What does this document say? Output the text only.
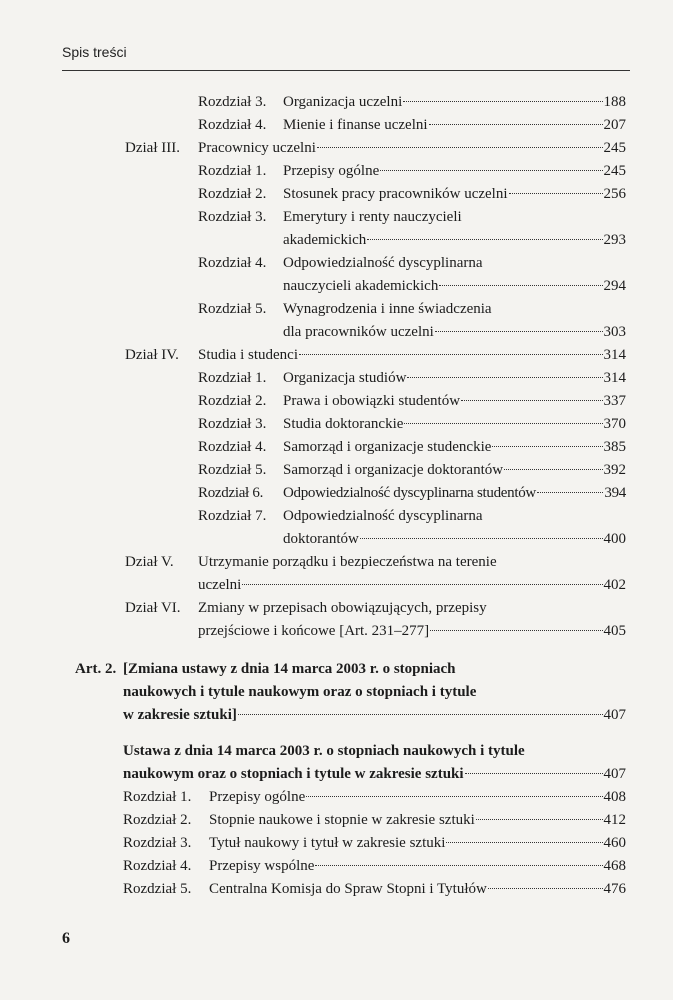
Spis treści
Rozdział 3. Organizacja uczelni	188
Rozdział 4. Mienie i finanse uczelni	207
Dział III. Pracownicy uczelni	245
Rozdział 1. Przepisy ogólne	245
Rozdział 2. Stosunek pracy pracowników uczelni	256
Rozdział 3. Emerytury i renty nauczycieli
akademickich	293
Rozdział 4. Odpowiedzialność dyscyplinarna
nauczycieli akademickich	294
Rozdział 5. Wynagrodzenia i inne świadczenia
dla pracowników uczelni	303
Dział IV. Studia i studenci	314
Rozdział 1. Organizacja studiów	314
Rozdział 2. Prawa i obowiązki studentów	337
Rozdział 3. Studia doktoranckie	370
Rozdział 4. Samorząd i organizacje studenckie	385
Rozdział 5. Samorząd i organizacje doktorantów	392
Rozdział 6. Odpowiedzialność dyscyplinarna studentów	394
Rozdział 7. Odpowiedzialność dyscyplinarna
doktorantów	400
Dział V. Utrzymanie porządku i bezpieczeństwa na terenie
uczelni	402
Dział VI. Zmiany w przepisach obowiązujących, przepisy
przejściowe i końcowe [Art. 231–277]	405
Art. 2. [Zmiana ustawy z dnia 14 marca 2003 r. o stopniach
naukowych i tytule naukowym oraz o stopniach i tytule
w zakresie sztuki]	407
Ustawa z dnia 14 marca 2003 r. o stopniach naukowych i tytule
naukowym oraz o stopniach i tytule w zakresie sztuki	407
Rozdział 1. Przepisy ogólne	408
Rozdział 2. Stopnie naukowe i stopnie w zakresie sztuki	412
Rozdział 3. Tytuł naukowy i tytuł w zakresie sztuki	460
Rozdział 4. Przepisy wspólne	468
Rozdział 5. Centralna Komisja do Spraw Stopni i Tytułów	476
6
